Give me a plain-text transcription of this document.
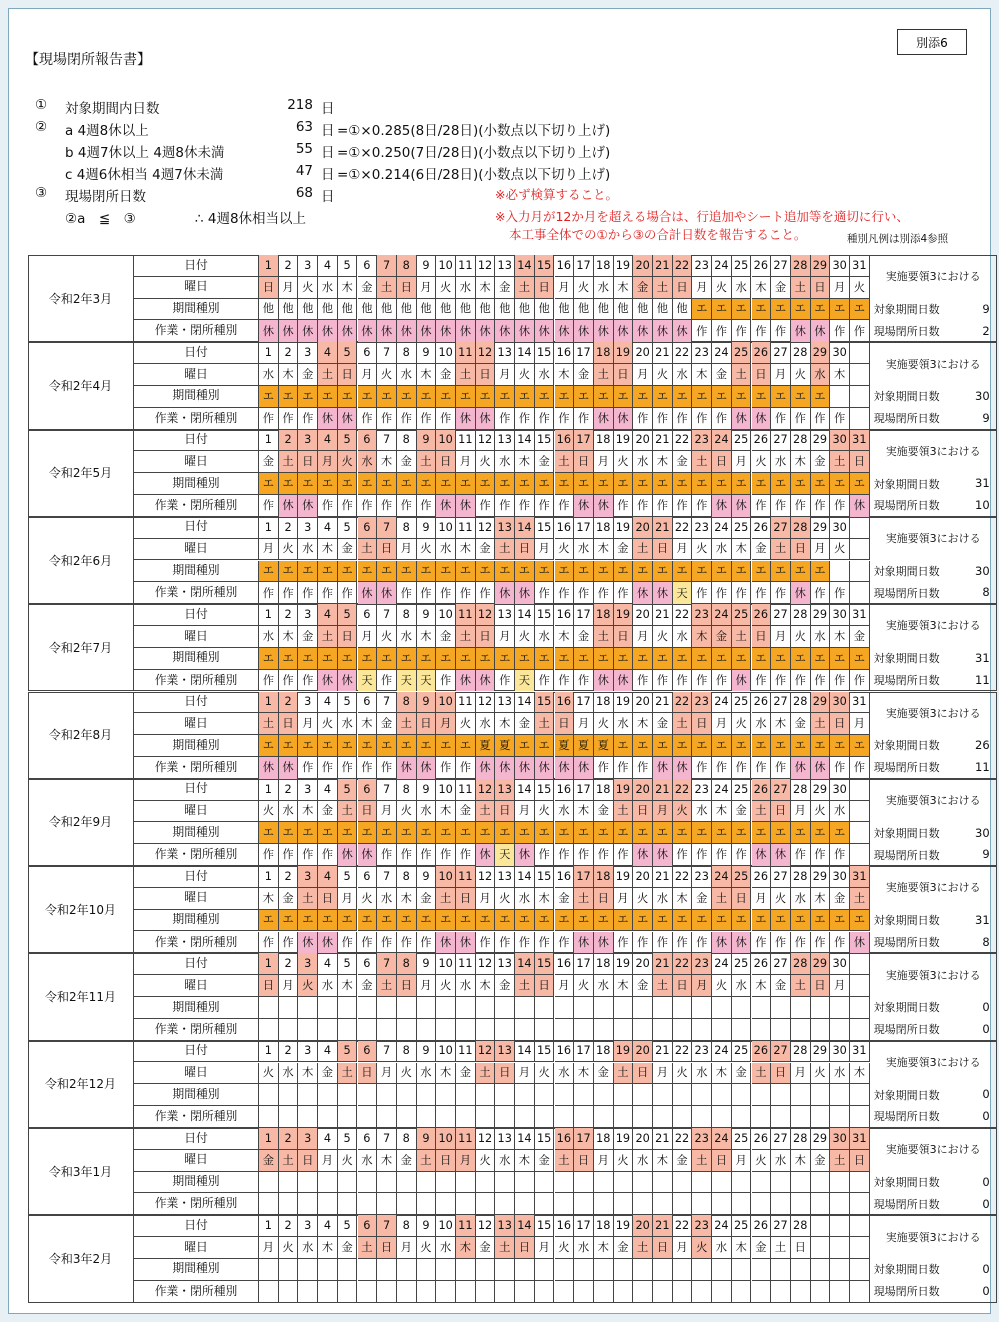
【現場閉所報告書】
別添6
① 対象期間内日数	218 日
② a 4週8休以上	63 日 =①×0.285(8日/28日)(小数点以下切り上げ)
b 4週7休以上 4週8休未満	55 日 =①×0.250(7日/28日)(小数点以下切り上げ)
c 4週6休相当 4週7休未満	47 日 =①×0.214(6日/28日)(小数点以下切り上げ)
③ 現場閉所日数	68 日
②a　≦　③	∴ 4週8休相当以上
※必ず検算すること。
※入力月が12か月を超える場合は、行追加やシート追加等を適切に行い、
本工事全体での①から③の合計日数を報告すること。	種別凡例は別添4参照
令和2年3月
日付	1	2	3	4	5	6	7	8	9 10 11 12 13 14 15 16 17 18 19 20 21 22 23 24 25 26 27 28 29 30 31
曜日	日 月 火 水 木 金 土 日 月 火 水 木 金 土 日 月 火 水 木 金 土 日 月 火 水 木 金 土 日 月 火
期間種別	他 他 他 他 他 他 他 他 他 他 他 他 他 他 他 他 他 他 他 他 他 他 エ エ エ エ エ エ エ エ エ
作業・閉所種別	休 休 休 休 休 休 休 休 休 休 休 休 休 休 休 休 休 休 休 休 休 休 作 作 作 作 作 休 休 作 作
実施要領3における
対象期間日数	9
現場閉所日数	2
令和2年4月
日付	1	2	3	4	5	6	7	8	9 10 11 12 13 14 15 16 17 18 19 20 21 22 23 24 25 26 27 28 29 30
曜日	水 木 金 土 日 月 火 水 木 金 土 日 月 火 水 木 金 土 日 月 火 水 木 金 土 日 月 火 水 木
期間種別	エ エ エ エ エ エ エ エ エ エ エ エ エ エ エ エ エ エ エ エ エ エ エ エ エ エ エ エ エ
作業・閉所種別	作 作 作 休 休 作 作 作 作 作 休 休 作 作 作 作 作 休 休 作 作 作 作 作 休 休 作 作 作 作
実施要領3における
対象期間日数	30
現場閉所日数	9
令和2年5月
日付	1	2	3	4	5	6	7	8	9 10 11 12 13 14 15 16 17 18 19 20 21 22 23 24 25 26 27 28 29 30 31
曜日	金 土 日 月 火 水 木 金 土 日 月 火 水 木 金 土 日 月 火 水 木 金 土 日 月 火 水 木 金 土 日
期間種別	エ エ エ エ エ エ エ エ エ エ エ エ エ エ エ エ エ エ エ エ エ エ エ エ エ エ エ エ エ エ エ
作業・閉所種別	作 休 休 作 作 作 作 作 作 休 休 作 作 作 作 作 休 休 作 作 作 作 作 休 休 作 作 作 作 作 休
実施要領3における
対象期間日数	31
現場閉所日数	10
令和2年6月
日付	1	2	3	4	5	6	7	8	9 10 11 12 13 14 15 16 17 18 19 20 21 22 23 24 25 26 27 28 29 30
曜日	月 火 水 木 金 土 日 月 火 水 木 金 土 日 月 火 水 木 金 土 日 月 火 水 木 金 土 日 月 火
期間種別	エ エ エ エ エ エ エ エ エ エ エ エ エ エ エ エ エ エ エ エ エ エ エ エ エ エ エ エ エ
作業・閉所種別	作 作 作 作 作 休 休 作 作 作 作 作 休 休 作 作 作 作 作 休 休 天 作 作 作 作 作 休 作 作
実施要領3における
対象期間日数	30
現場閉所日数	8
令和2年7月
日付	1	2	3	4	5	6	7	8	9 10 11 12 13 14 15 16 17 18 19 20 21 22 23 24 25 26 27 28 29 30 31
曜日	水 木 金 土 日 月 火 水 木 金 土 日 月 火 水 木 金 土 日 月 火 水 木 金 土 日 月 火 水 木 金
期間種別	エ エ エ エ エ エ エ エ エ エ エ エ エ エ エ エ エ エ エ エ エ エ エ エ エ エ エ エ エ エ エ
作業・閉所種別	作 作 作 休 休 天 作 天 天 作 休 休 作 天 作 作 作 休 休 作 作 作 作 作 休 作 作 作 作 作 作
実施要領3における
対象期間日数	31
現場閉所日数	11
令和2年8月
日付	1	2	3	4	5	6	7	8	9 10 11 12 13 14 15 16 17 18 19 20 21 22 23 24 25 26 27 28 29 30 31
曜日	土 日 月 火 水 木 金 土 日 月 火 水 木 金 土 日 月 火 水 木 金 土 日 月 火 水 木 金 土 日 月
期間種別	エ エ エ エ エ エ エ エ エ エ エ 夏 夏 エ エ 夏 夏 夏 エ エ エ エ エ エ エ エ エ エ エ エ エ
作業・閉所種別	休 休 作 作 作 作 作 休 休 作 作 休 休 休 休 休 休 作 作 作 休 休 作 作 作 作 作 休 休 作 作
実施要領3における
対象期間日数	26
現場閉所日数	11
令和2年9月
日付	1	2	3	4	5	6	7	8	9 10 11 12 13 14 15 16 17 18 19 20 21 22 23 24 25 26 27 28 29 30
曜日	火 水 木 金 土 日 月 火 水 木 金 土 日 月 火 水 木 金 土 日 月 火 水 木 金 土 日 月 火 水
期間種別	エ エ エ エ エ エ エ エ エ エ エ エ エ エ エ エ エ エ エ エ エ エ エ エ エ エ エ エ エ エ
作業・閉所種別	作 作 作 作 休 休 作 作 作 作 作 休 天 休 作 作 作 作 作 休 休 作 作 作 作 休 休 作 作 作
実施要領3における
対象期間日数	30
現場閉所日数	9
令和2年10月
日付	1	2	3	4	5	6	7	8	9 10 11 12 13 14 15 16 17 18 19 20 21 22 23 24 25 26 27 28 29 30 31
曜日	木 金 土 日 月 火 水 木 金 土 日 月 火 水 木 金 土 日 月 火 水 木 金 土 日 月 火 水 木 金 土
期間種別	エ エ エ エ エ エ エ エ エ エ エ エ エ エ エ エ エ エ エ エ エ エ エ エ エ エ エ エ エ エ エ
作業・閉所種別	作 作 休 休 作 作 作 作 作 休 休 作 作 作 作 作 休 休 作 作 作 作 作 休 休 作 作 作 作 作 休
実施要領3における
対象期間日数	31
現場閉所日数	8
令和2年11月
日付	1	2	3	4	5	6	7	8	9 10 11 12 13 14 15 16 17 18 19 20 21 22 23 24 25 26 27 28 29 30
曜日	日 月 火 水 木 金 土 日 月 火 水 木 金 土 日 月 火 水 木 金 土 日 月 火 水 木 金 土 日 月
期間種別
作業・閉所種別
実施要領3における
対象期間日数	0
現場閉所日数	0
令和2年12月
日付	1	2	3	4	5	6	7	8	9 10 11 12 13 14 15 16 17 18 19 20 21 22 23 24 25 26 27 28 29 30 31
曜日	火 水 木 金 土 日 月 火 水 木 金 土 日 月 火 水 木 金 土 日 月 火 水 木 金 土 日 月 火 水 木
期間種別
作業・閉所種別
実施要領3における
対象期間日数	0
現場閉所日数	0
令和3年1月
日付	1	2	3	4	5	6	7	8	9 10 11 12 13 14 15 16 17 18 19 20 21 22 23 24 25 26 27 28 29 30 31
曜日	金 土 日 月 火 水 木 金 土 日 月 火 水 木 金 土 日 月 火 水 木 金 土 日 月 火 水 木 金 土 日
期間種別
作業・閉所種別
実施要領3における
対象期間日数	0
現場閉所日数	0
令和3年2月
日付	1	2	3	4	5	6	7	8	9 10 11 12 13 14 15 16 17 18 19 20 21 22 23 24 25 26 27 28
曜日	月 火 水 木 金 土 日 月 火 水 木 金 土 日 月 火 水 木 金 土 日 月 火 水 木 金 土 日
期間種別
作業・閉所種別
実施要領3における
対象期間日数	0
現場閉所日数	0
